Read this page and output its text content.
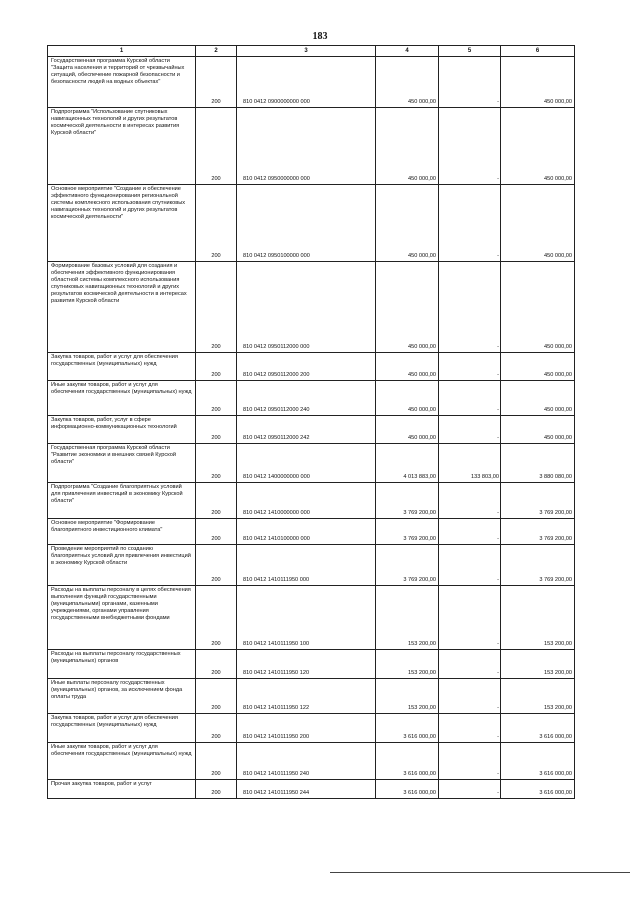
183
1	2	3	4	5	6
Государственная программа Курской области "Защита населения и территорий от чрезвычайных ситуаций, обеспечение пожарной безопасности и безопасности людей на водных объектах"	200	810 0412 0900000000 000	450 000,00	-	450 000,00
Подпрограмма "Использование спутниковых навигационных технологий и других результатов космической деятельности в интересах развития Курской области"	200	810 0412 0950000000 000	450 000,00	-	450 000,00
Основное мероприятие "Создание и обеспечение эффективного функционирования региональной системы комплексного использования спутниковых навигационных технологий и других результатов космической деятельности"	200	810 0412 0950100000 000	450 000,00	-	450 000,00
Формирование базовых условий для создания и обеспечения эффективного функционирования областной системы комплексного использования спутниковых навигационных технологий и других результатов космической деятельности в интересах развития Курской области	200	810 0412 0950112000 000	450 000,00	-	450 000,00
Закупка товаров, работ и услуг для обеспечения государственных (муниципальных) нужд	200	810 0412 0950112000 200	450 000,00	-	450 000,00
Иные закупки товаров, работ и услуг для обеспечения государственных (муниципальных) нужд	200	810 0412 0950112000 240	450 000,00	-	450 000,00
Закупка товаров, работ, услуг в сфере информационно-коммуникационных технологий	200	810 0412 0950112000 242	450 000,00	-	450 000,00
Государственная программа Курской области "Развитие экономики и внешних связей Курской области"	200	810 0412 1400000000 000	4 013 883,00	133 803,00	3 880 080,00
Подпрограмма "Создание благоприятных условий для привлечения инвестиций в экономику Курской области"	200	810 0412 1410000000 000	3 769 200,00	-	3 769 200,00
Основное мероприятие "Формирование благоприятного инвестиционного климата"	200	810 0412 1410100000 000	3 769 200,00	-	3 769 200,00
Проведение мероприятий по созданию благоприятных условий для привлечения инвестиций в экономику Курской области	200	810 0412 1410111950 000	3 769 200,00	-	3 769 200,00
Расходы на выплаты персоналу в целях обеспечения выполнения функций государственными (муниципальными) органами, казенными учреждениями, органами управления государственными внебюджетными фондами	200	810 0412 1410111950 100	153 200,00	-	153 200,00
Расходы на выплаты персоналу государственных (муниципальных) органов	200	810 0412 1410111950 120	153 200,00	-	153 200,00
Иные выплаты персоналу государственных (муниципальных) органов, за исключением фонда оплаты труда	200	810 0412 1410111950 122	153 200,00	-	153 200,00
Закупка товаров, работ и услуг для обеспечения государственных (муниципальных) нужд	200	810 0412 1410111950 200	3 616 000,00	-	3 616 000,00
Иные закупки товаров, работ и услуг для обеспечения государственных (муниципальных) нужд	200	810 0412 1410111950 240	3 616 000,00	-	3 616 000,00
Прочая закупка товаров, работ и услуг	200	810 0412 1410111950 244	3 616 000,00	-	3 616 000,00
